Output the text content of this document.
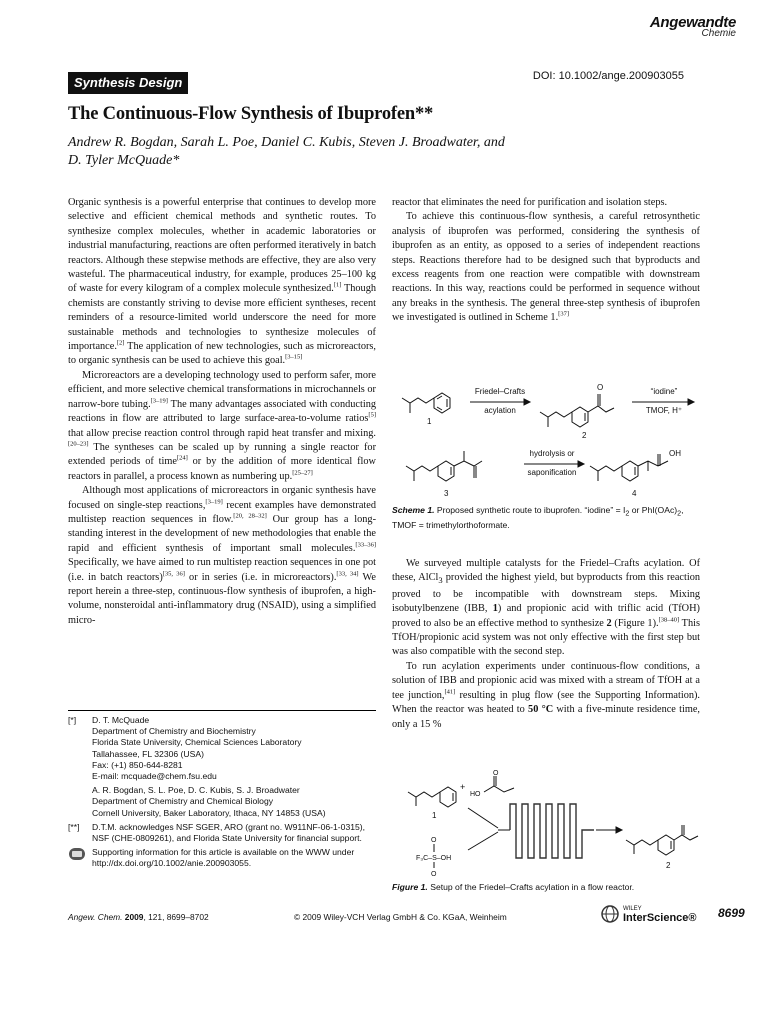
Angewandte
Chemie
Synthesis Design	DOI: 10.1002/ange.200903055
The Continuous-Flow Synthesis of Ibuprofen**
Andrew R. Bogdan, Sarah L. Poe, Daniel C. Kubis, Steven J. Broadwater, and
D. Tyler McQuade*

Organic synthesis is a powerful enterprise that continues to develop more selective and efficient chemical methods and synthetic routes. To synthesize complex molecules, whether in academic laboratories or industrial manufacturing, reactions are often performed iteratively in batch reactors. Although these stepwise methods are effective, they are also very wasteful. The pharmaceutical industry, for example, produces 25–100 kg of waste for every kilogram of a complex molecule synthesized.[1] Though chemists are constantly striving to devise more efficient syntheses, recent reminders of a resource-limited world underscore the need for more sustainable methods and technologies to synthesize molecules of importance.[2] The application of new technologies, such as microreactors, to organic synthesis can be used to achieve this goal.[3–15]

Microreactors are a developing technology used to perform safer, more efficient, and more selective chemical transformations in microchannels or narrow-bore tubing.[3–19] The many advantages associated with conducting reactions in flow are attributed to large surface-area-to-volume ratios[5] that allow precise reaction control through rapid heat transfer and mixing.[20–23] The syntheses can be scaled up by running a single reactor for extended periods of time[24] or by the addition of more identical flow reactors in parallel, a process known as numbering up.[25–27]

Although most applications of microreactors in organic synthesis have focused on single-step reactions,[3–19] recent examples have demonstrated multistep reaction sequences in flow.[20, 28–32] Our group has a long-standing interest in the development of new methodologies that enable the rapid and efficient synthesis of important small molecules.[33–36] Specifically, we have aimed to run multistep reaction sequences in one pot (i.e. in batch reactors)[35, 36] or in series (i.e. in microreactors).[33, 34] We report herein a three-step, continuous-flow synthesis of ibuprofen, a high-volume, nonsteroidal anti-inflammatory drug (NSAID), using a simplified micro-

[*]	D. T. McQuade
Department of Chemistry and Biochemistry
Florida State University, Chemical Sciences Laboratory
Tallahassee, FL 32306 (USA)
Fax: (+1) 850-644-8281
E-mail: mcquade@chem.fsu.edu
A. R. Bogdan, S. L. Poe, D. C. Kubis, S. J. Broadwater
Department of Chemistry and Chemical Biology
Cornell University, Baker Laboratory, Ithaca, NY 14853 (USA)
[**]	D.T.M. acknowledges NSF SGER, ARO (grant no. W911NF-06-1-0315), NSF (CHE-0809261), and Florida State University for financial support.
Supporting information for this article is available on the WWW under http://dx.doi.org/10.1002/anie.200903055.

reactor that eliminates the need for purification and isolation steps.

To achieve this continuous-flow synthesis, a careful retrosynthetic analysis of ibuprofen was performed, considering the synthesis of ibuprofen as an entity, as opposed to a series of independent reactions steps. Reactions therefore had to be designed such that byproducts and excess reagents from one reaction were compatible with downstream reactions. In this way, reactions could be performed in sequence without any breaks in the synthesis. The general three-step synthesis of ibuprofen we investigated is outlined in Scheme 1.[37]

1
Friedel–Crafts
acylation
O
2
“iodine”
TMOF, H⁺
3
hydrolysis or
saponification
OH
4
Scheme 1. Proposed synthetic route to ibuprofen. “iodine” = $I_2$ or $PhI(OAc)_2$, TMOF = trimethylorthoformate.

We surveyed multiple catalysts for the Friedel–Crafts acylation. Of these, AlCl$_3$ provided the highest yield, but byproducts from this reaction proved to be incompatible with downstream steps. Mixing isobutylbenzene (IBB, 1) and propionic acid with triflic acid (TfOH) proved to also be an effective method to synthesize 2 (Figure 1).[38–40] This TfOH/propionic acid system was not only effective with the first step but was also compatible with the second step.

To run acylation experiments under continuous-flow conditions, a solution of IBB and propionic acid was mixed with a stream of TfOH at a tee junction,[41] resulting in plug flow (see the Supporting Information). When the reactor was heated to 50 °C with a five-minute residence time, only a 15 %

+
1
HO
O
F₃C–S–OH
O
O
2
Figure 1. Setup of the Friedel–Crafts acylation in a flow reactor.
Angew. Chem. 2009, 121, 8699–8702	© 2009 Wiley-VCH Verlag GmbH & Co. KGaA, Weinheim
WILEY
InterScience® 8699
